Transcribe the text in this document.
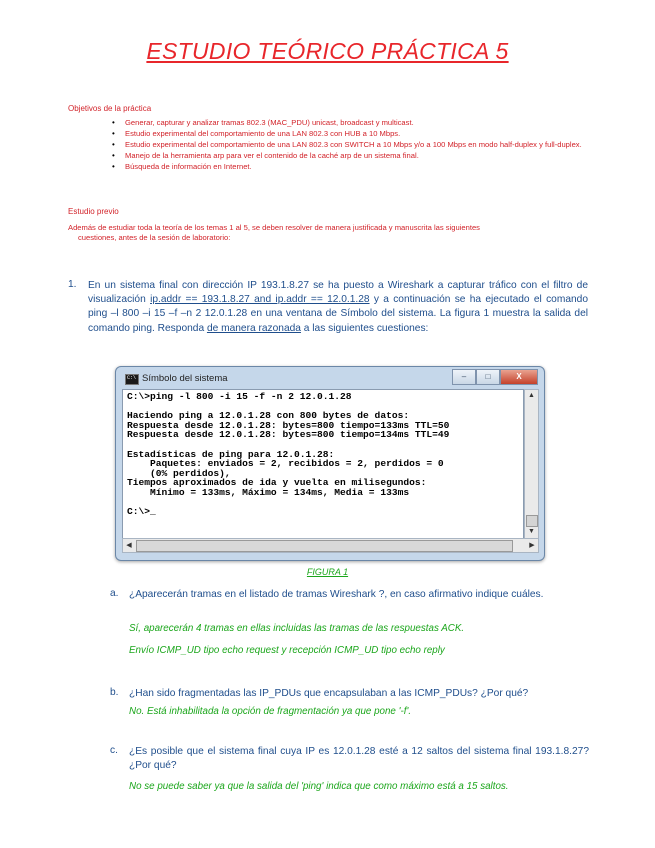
ESTUDIO TEÓRICO PRÁCTICA 5
Objetivos de la práctica
• Generar, capturar y analizar tramas 802.3 (MAC_PDU) unicast, broadcast y multicast.
• Estudio experimental del comportamiento de una LAN 802.3 con HUB a 10 Mbps.
• Estudio experimental del comportamiento de una LAN 802.3 con SWITCH a 10 Mbps y/o a 100 Mbps en modo half-duplex y full-duplex.
• Manejo de la herramienta arp para ver el contenido de la caché arp de un sistema final.
• Búsqueda de información en Internet.
Estudio previo
Además de estudiar toda la teoría de los temas 1 al 5, se deben resolver de manera justificada y manuscrita las siguientes
cuestiones, antes de la sesión de laboratorio:
1. En un sistema final con dirección IP 193.1.8.27 se ha puesto a Wireshark a capturar tráfico con el filtro de visualización ip.addr == 193.1.8.27 and ip.addr == 12.0.1.28 y a continuación se ha ejecutado el comando ping –l 800 –i 15 –f –n 2 12.0.1.28 en una ventana de Símbolo del sistema. La figura 1 muestra la salida del comando ping. Responda de manera razonada a las siguientes cuestiones:
C:\
Símbolo del sistema	–	□	X
C:\>ping -l 800 -i 15 -f -n 2 12.0.1.28

Haciendo ping a 12.0.1.28 con 800 bytes de datos:
Respuesta desde 12.0.1.28: bytes=800 tiempo=133ms TTL=50
Respuesta desde 12.0.1.28: bytes=800 tiempo=134ms TTL=49

Estadísticas de ping para 12.0.1.28:
Paquetes: enviados = 2, recibidos = 2, perdidos = 0
(0% perdidos),
Tiempos aproximados de ida y vuelta en milisegundos:
Mínimo = 133ms, Máximo = 134ms, Media = 133ms

C:\>_
▲
▼
◀	▶
FIGURA 1
a. ¿Aparecerán tramas en el listado de tramas Wireshark ?, en caso afirmativo indique cuáles.
Sí, aparecerán 4 tramas en ellas incluidas las tramas de las respuestas ACK.
Envío ICMP_UD tipo echo request y recepción ICMP_UD tipo echo reply
b. ¿Han sido fragmentadas las IP_PDUs que encapsulaban a las ICMP_PDUs? ¿Por qué?
No. Está inhabilitada la opción de fragmentación ya que pone '-f'.
c. ¿Es posible que el sistema final cuya IP es 12.0.1.28 esté a 12 saltos del sistema final 193.1.8.27? ¿Por qué?
No se puede saber ya que la salida del 'ping' indica que como máximo está a 15 saltos.
